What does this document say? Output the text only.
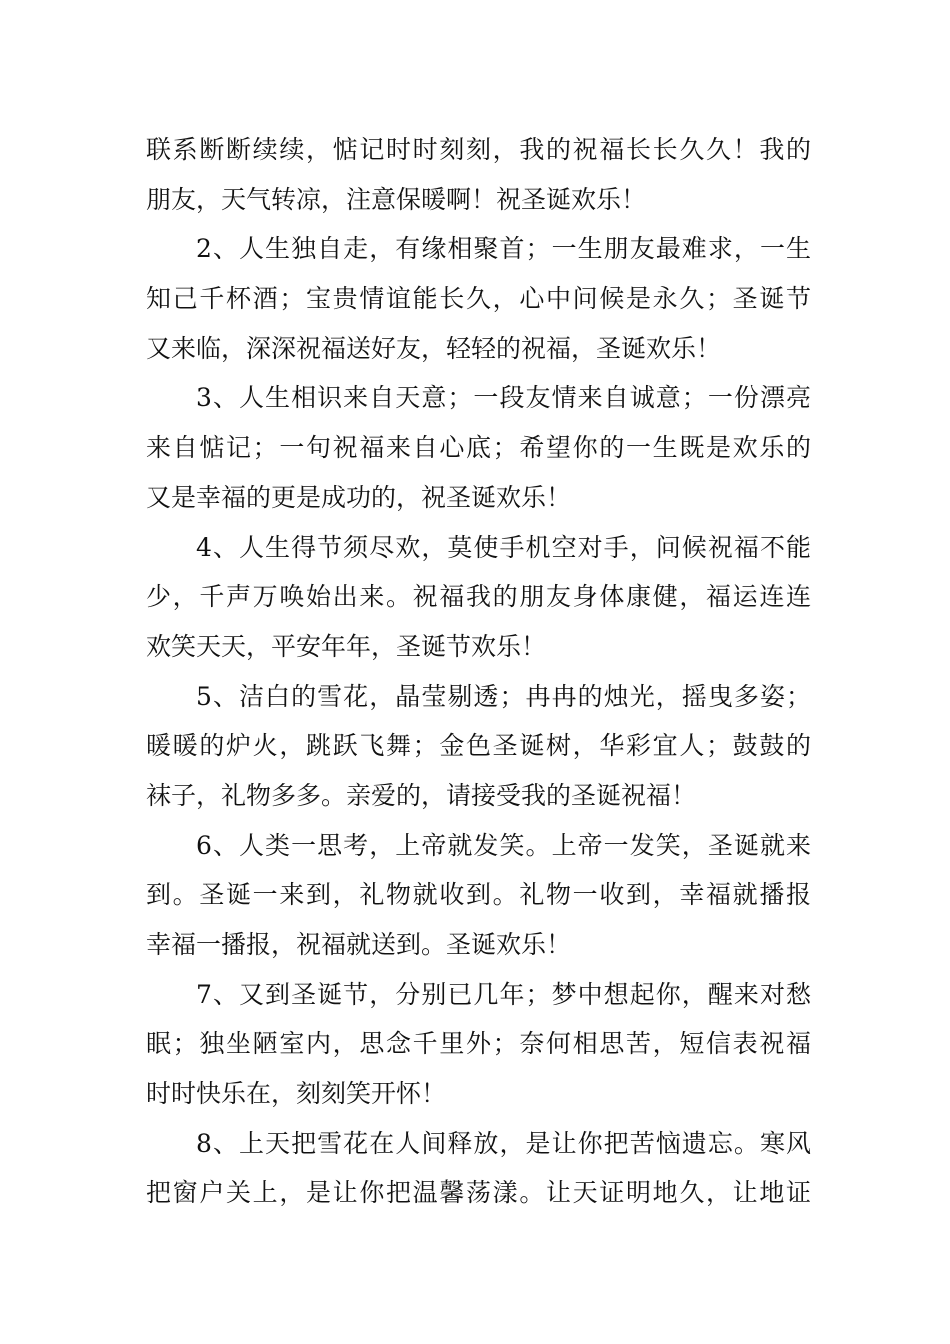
联系断断续续，惦记时时刻刻，我的祝福长长久久！我的
朋友，天气转凉，注意保暖啊！祝圣诞欢乐！
2、人生独自走，有缘相聚首；一生朋友最难求，一生
知己千杯酒；宝贵情谊能长久，心中问候是永久；圣诞节
又来临，深深祝福送好友，轻轻的祝福，圣诞欢乐！
3、人生相识来自天意；一段友情来自诚意；一份漂亮
来自惦记；一句祝福来自心底；希望你的一生既是欢乐的
又是幸福的更是成功的，祝圣诞欢乐！
4、人生得节须尽欢，莫使手机空对手，问候祝福不能
少，千声万唤始出来。祝福我的朋友身体康健，福运连连
欢笑天天，平安年年，圣诞节欢乐！
5、洁白的雪花，晶莹剔透；冉冉的烛光，摇曳多姿；
暖暖的炉火，跳跃飞舞；金色圣诞树，华彩宜人；鼓鼓的
袜子，礼物多多。亲爱的，请接受我的圣诞祝福！
6、人类一思考，上帝就发笑。上帝一发笑，圣诞就来
到。圣诞一来到，礼物就收到。礼物一收到，幸福就播报
幸福一播报，祝福就送到。圣诞欢乐！
7、又到圣诞节，分别已几年；梦中想起你，醒来对愁
眠；独坐陋室内，思念千里外；奈何相思苦，短信表祝福
时时快乐在，刻刻笑开怀！
8、上天把雪花在人间释放，是让你把苦恼遗忘。寒风
把窗户关上，是让你把温馨荡漾。让天证明地久，让地证
